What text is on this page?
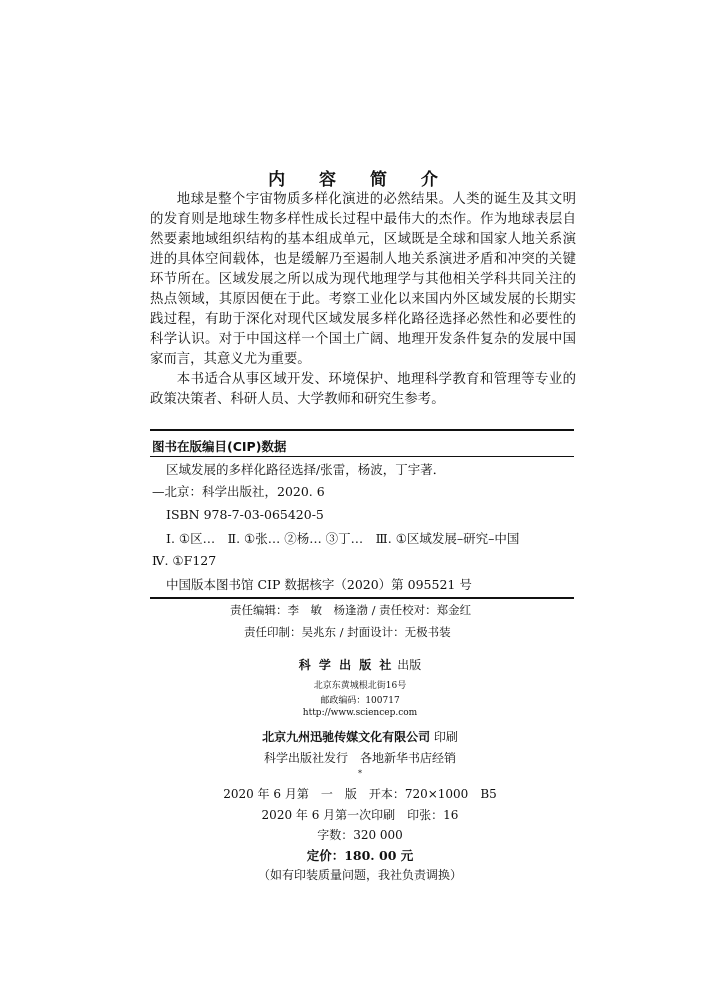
内 容 简 介

地球是整个宇宙物质多样化演进的必然结果。人类的诞生及其文明的发育则是地球生物多样性成长过程中最伟大的杰作。作为地球表层自然要素地域组织结构的基本组成单元，区域既是全球和国家人地关系演进的具体空间载体，也是缓解乃至遏制人地关系演进矛盾和冲突的关键环节所在。区域发展之所以成为现代地理学与其他相关学科共同关注的热点领域，其原因便在于此。考察工业化以来国内外区域发展的长期实践过程，有助于深化对现代区域发展多样化路径选择必然性和必要性的科学认识。对于中国这样一个国土广阔、地理开发条件复杂的发展中国家而言，其意义尤为重要。

本书适合从事区域开发、环境保护、地理科学教育和管理等专业的政策决策者、科研人员、大学教师和研究生参考。

图书在版编目(CIP)数据
区域发展的多样化路径选择/张雷，杨波，丁宇著．
—北京：科学出版社，2020. 6
ISBN 978-7-03-065420-5
Ⅰ. ①区…　Ⅱ. ①张… ②杨… ③丁…　Ⅲ. ①区域发展–研究–中国
Ⅳ. ①F127
中国版本图书馆 CIP 数据核字（2020）第 095521 号
责任编辑：李　敏　杨逢渤 / 责任校对：郑金红
责任印制：吴兆东 / 封面设计：无极书装
科 学 出 版 社 出版
北京东黄城根北街16号
邮政编码：100717
http://www.sciencep.com
北京九州迅驰传媒文化有限公司 印刷
科学出版社发行　各地新华书店经销
*
2020 年 6 月第　一　版　开本：720×1000　B5
2020 年 6 月第一次印刷　印张：16
字数：320 000
定价：180. 00 元
（如有印装质量问题，我社负责调换）
